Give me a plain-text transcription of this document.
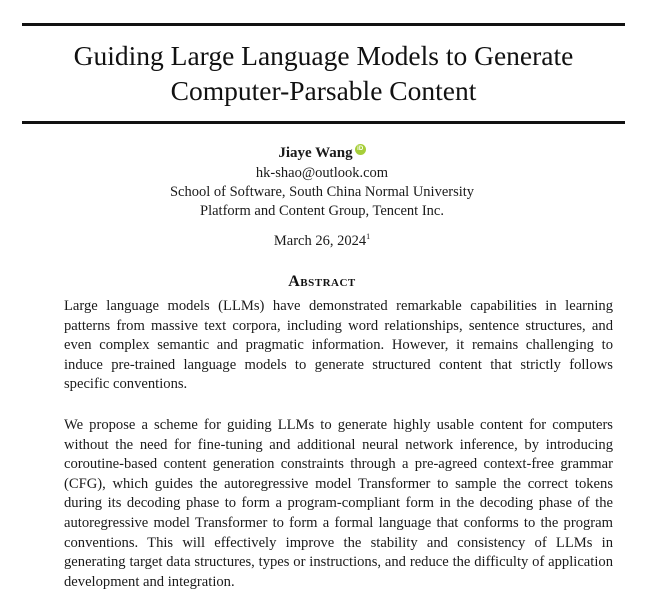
Guiding Large Language Models to Generate
Computer-Parsable Content
Jiaye Wang iD
hk-shao@outlook.com
School of Software, South China Normal University
Platform and Content Group, Tencent Inc.
March 26, 2024$^1$
Abstract

Large language models (LLMs) have demonstrated remarkable capabilities in learning patterns from massive text corpora, including word relationships, sentence structures, and even complex semantic and pragmatic information. However, it remains challenging to induce pre-trained language models to generate structured content that strictly follows specific conventions.

We propose a scheme for guiding LLMs to generate highly usable content for computers without the need for fine-tuning and additional neural network inference, by introducing coroutine-based content generation constraints through a pre-agreed context-free grammar (CFG), which guides the autoregressive model Transformer to sample the correct tokens during its decoding phase to form a program-compliant form in the decoding phase of the autoregressive model Transformer to form a formal language that conforms to the program conventions. This will effectively improve the stability and consistency of LLMs in generating target data structures, types or instructions, and reduce the difficulty of application development and integration.
